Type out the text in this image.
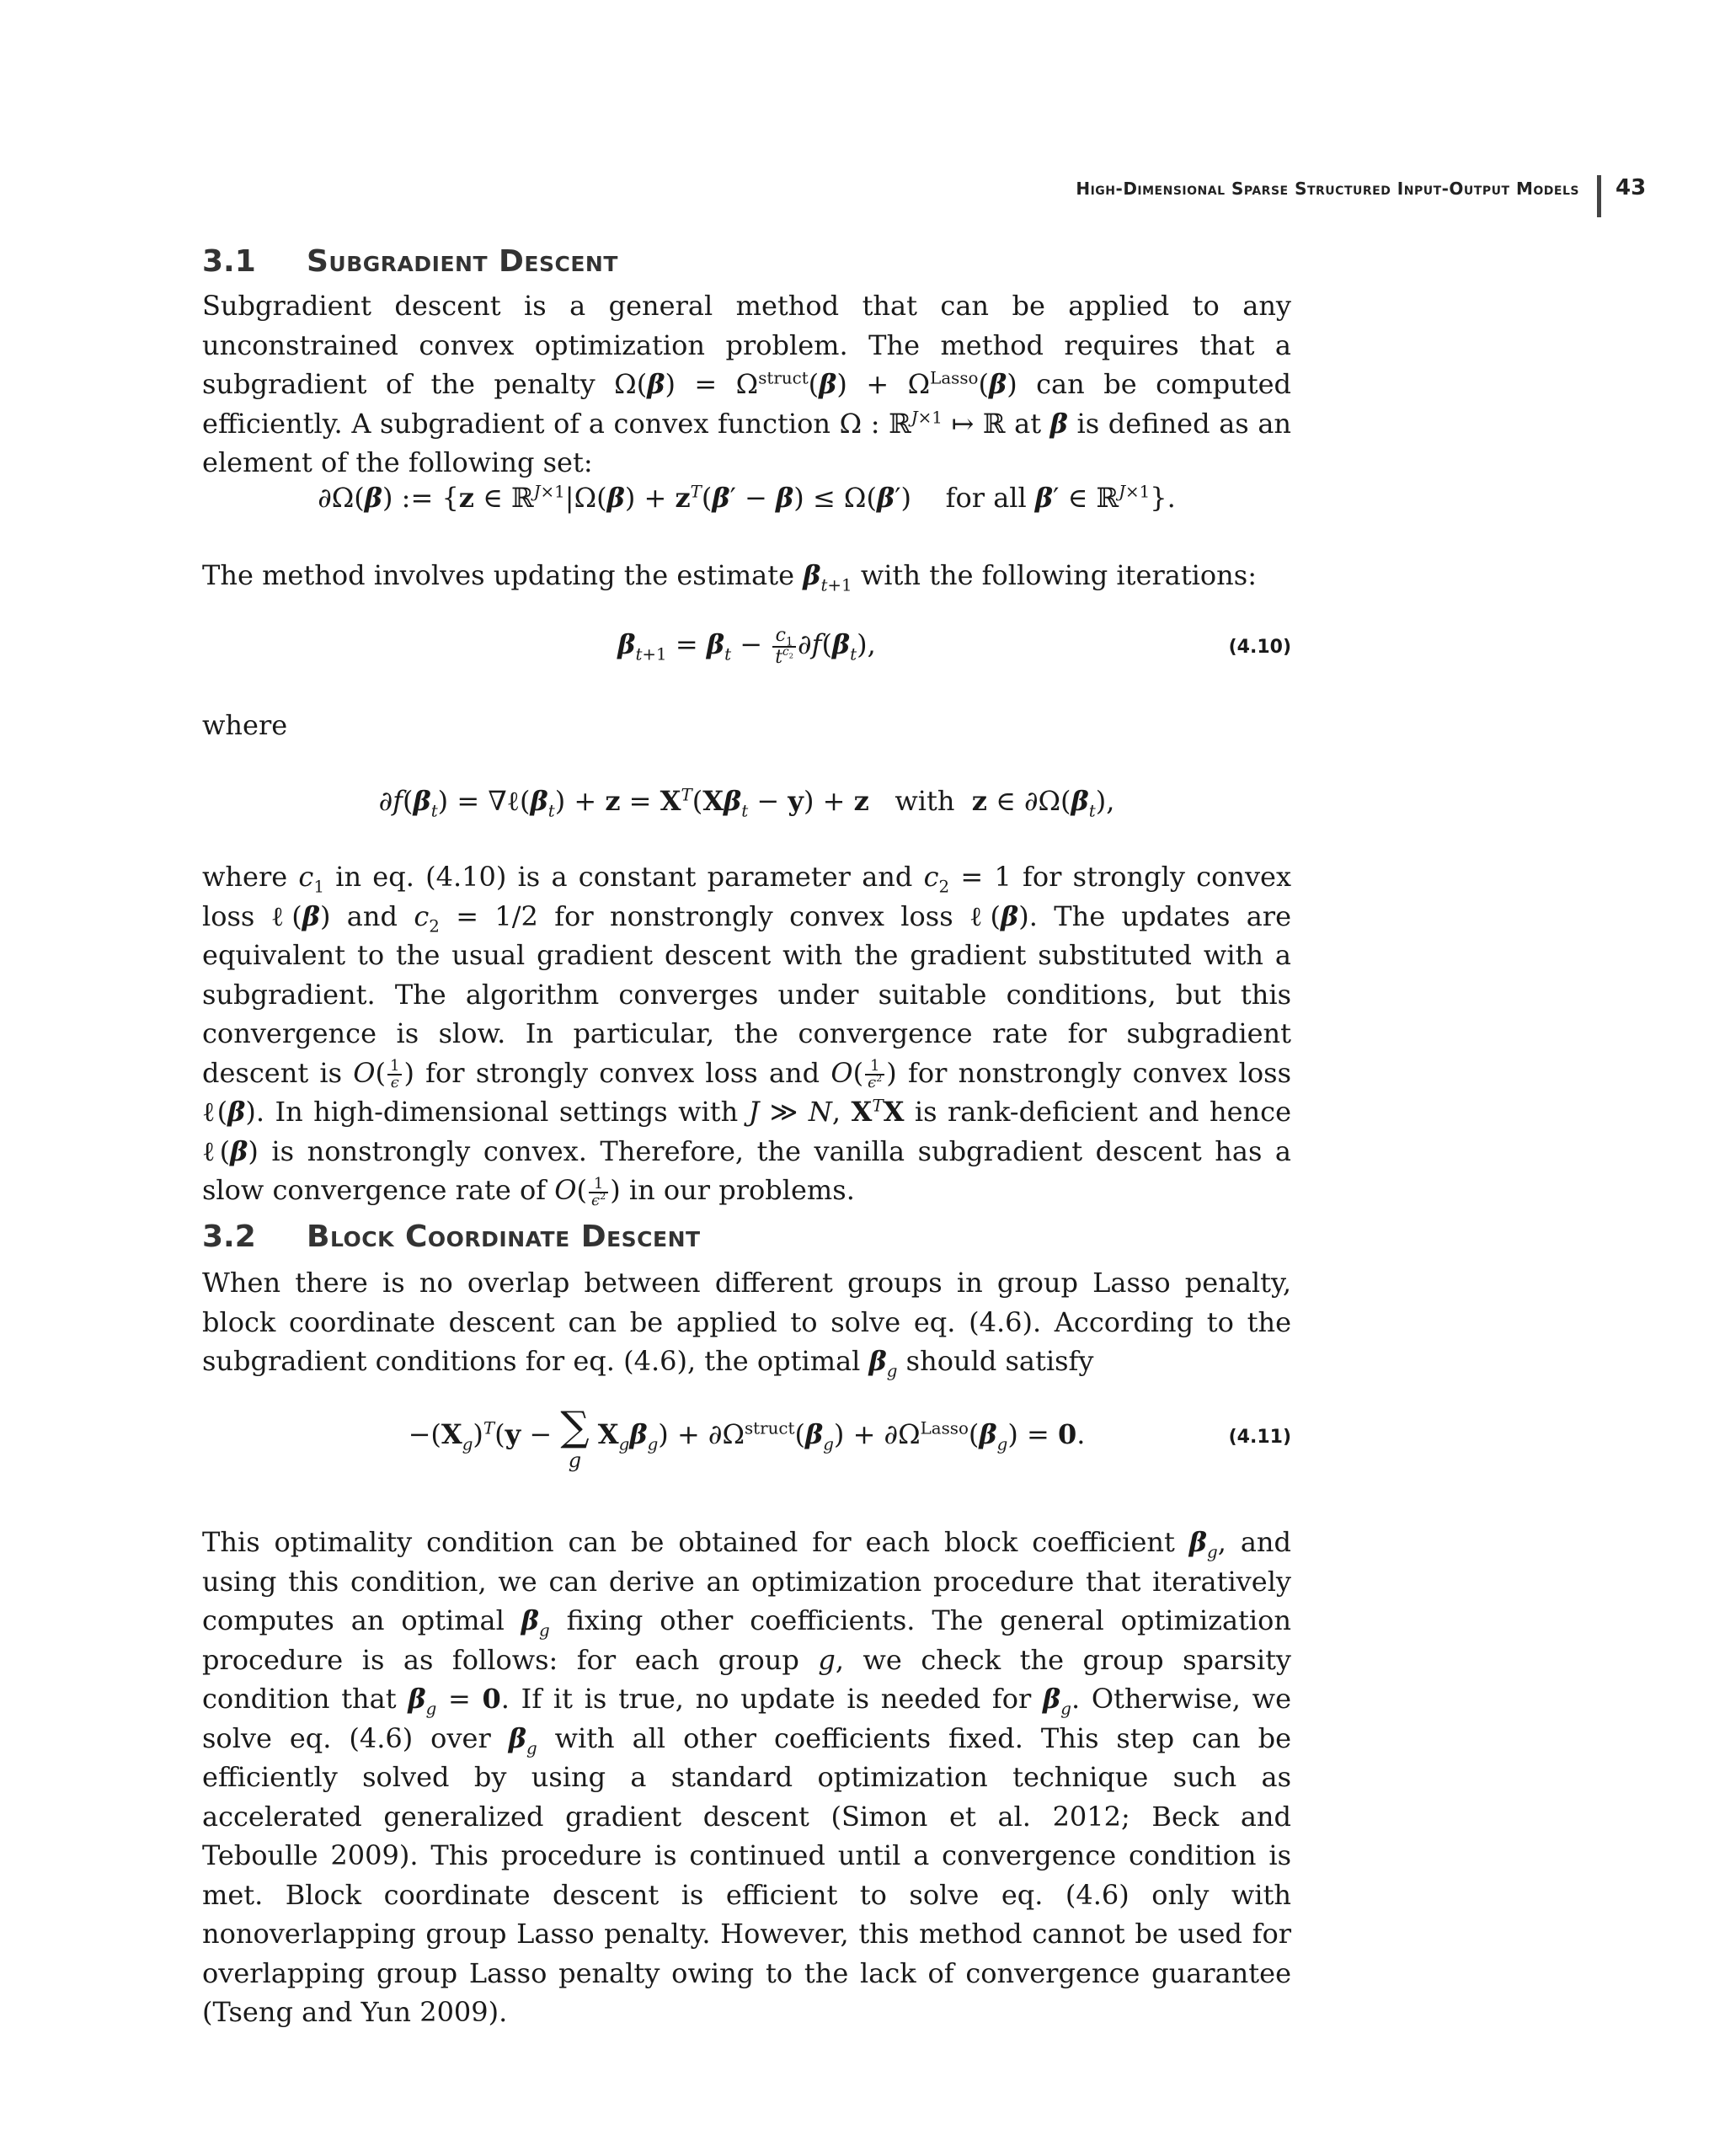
High-Dimensional Sparse Structured Input-Output Models 43
3.1 Subgradient Descent

Subgradient descent is a general method that can be applied to any unconstrained convex optimization problem. The method requires that a subgradient of the penalty $\Omega(\beta) = \Omega^{struct}(\beta) + \Omega^{Lasso}(\beta)$ can be computed efficiently. A subgradient of a convex function Ω : ℝ$^{J\times 1}$ ↦ ℝ at β is defined as an element of the following set:

∂Ω(β) := {z ∈ ℝ$^{J\times 1}$|Ω(β) + $z^T(\beta' - \beta) \le \Omega(\beta')$    for all β′ ∈ ℝ$^{J\times 1}$}.

The method involves updating the estimate $\beta_{t+1}$ with the following iterations:

$\beta_{t+1} = \beta_t - \frac{c_1}{t^{c_2}} \partial f(\beta_t)$,	(4.10)

where

$\partial f(\beta_t)$ = $\nabla\ell(\beta_t) + z = X^T(X\beta_t - y) + z$   with  z ∈ $\partial\Omega(\beta_t)$,

where $c_1$ in eq. (4.10) is a constant parameter and $c_2 = 1$ for strongly convex loss ℓ(β) and $c_2 = 1/2$ for nonstrongly convex loss ℓ(β). The updates are equivalent to the usual gradient descent with the gradient substituted with a subgradient. The algorithm converges under suitable conditions, but this convergence is slow. In particular, the convergence rate for subgradient descent is $O( \frac{1}{\epsilon}$ ) for strongly convex loss and $O( \frac{1}{\epsilon^2}$ ) for nonstrongly convex loss ℓ(β). In high-dimensional settings with J ≫ N, $X^TX$ is rank-deficient and hence ℓ(β) is nonstrongly convex. Therefore, the vanilla subgradient descent has a slow convergence rate of $O( \frac{1}{\epsilon^2}$ ) in our problems.

3.2 Block Coordinate Descent

When there is no overlap between different groups in group Lasso penalty, block coordinate descent can be applied to solve eq. (4.6). According to the subgradient conditions for eq. (4.6), the optimal $\beta_g$ should satisfy

$-(X_g)^T(y$ − ∑
g
$X_g\beta_g) + \partial\Omega^{struct}(\beta_g) + \partial\Omega^{Lasso}(\beta_g) = 0$.	(4.11)

This optimality condition can be obtained for each block coefficient $\beta_g$, and using this condition, we can derive an optimization procedure that iteratively computes an optimal $\beta_g$ fixing other coefficients. The general optimization procedure is as follows: for each group g, we check the group sparsity condition that $\beta_g = 0$. If it is true, no update is needed for $\beta_g$. Otherwise, we solve eq. (4.6) over $\beta_g$ with all other coefficients fixed. This step can be efficiently solved by using a standard optimization technique such as accelerated generalized gradient descent (Simon et al. 2012; Beck and Teboulle 2009). This procedure is continued until a convergence condition is met. Block coordinate descent is efficient to solve eq. (4.6) only with nonoverlapping group Lasso penalty. However, this method cannot be used for overlapping group Lasso penalty owing to the lack of convergence guarantee (Tseng and Yun 2009).
